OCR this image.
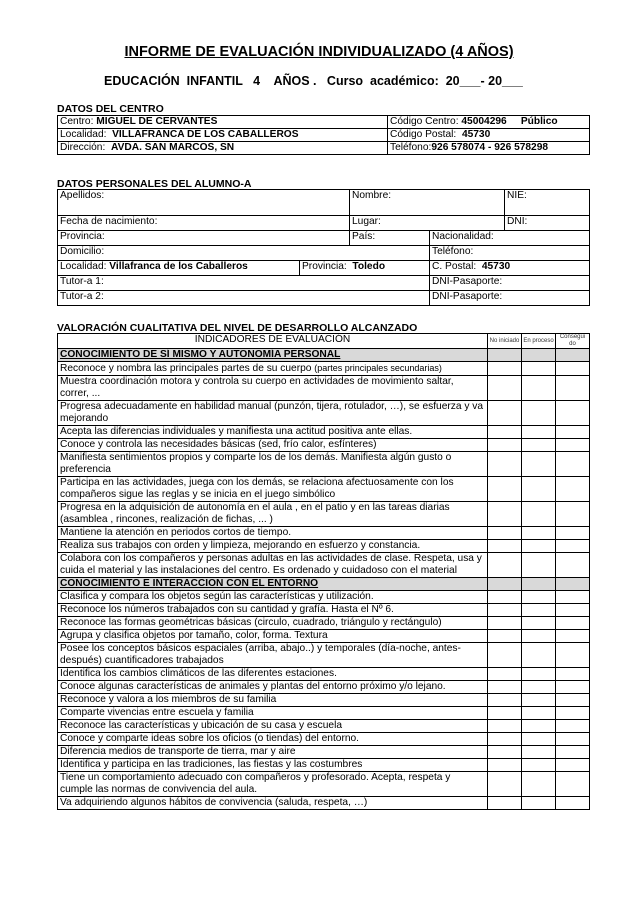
INFORME DE EVALUACIÓN INDIVIDUALIZADO (4 AÑOS)
EDUCACIÓN  INFANTIL   4    AÑOS .   Curso  académico:  20___- 20___
DATOS DEL CENTRO
Centro: MIGUEL DE CERVANTES	Código Centro: 45004296 Público
Localidad: VILLAFRANCA DE LOS CABALLEROS	Código Postal: 45730
Dirección: AVDA. SAN MARCOS, SN	Teléfono:926 578074 - 926 578298
DATOS PERSONALES DEL ALUMNO-A
Apellidos:		Nombre:		NIE:
Fecha de nacimiento:		Lugar:		DNI:
Provincia:		País:	Nacionalidad:	
Domicilio:			Teléfono:	
Localidad: Villafranca de los Caballeros	Provincia: Toledo		C. Postal: 45730	
Tutor-a 1:			DNI-Pasaporte:	
Tutor-a 2:			DNI-Pasaporte:	
VALORACIÓN CUALITATIVA DEL NIVEL DE DESARROLLO ALCANZADO
INDICADORES DE EVALUACIÓN	No iniciado	En proceso	Consegui do
CONOCIMIENTO DE SÍ MISMO Y AUTONOMÍA PERSONAL			
Reconoce y nombra las principales partes de su cuerpo (partes principales secundarias)			
Muestra coordinación motora y controla su cuerpo en actividades de movimiento saltar, correr, ...			
Progresa adecuadamente en habilidad manual (punzón, tijera, rotulador, …), se esfuerza y va mejorando			
Acepta las diferencias individuales y manifiesta una actitud positiva ante ellas.			
Conoce y controla las necesidades básicas (sed, frío calor, esfínteres)			
Manifiesta sentimientos propios y comparte los de los demás. Manifiesta algún gusto o preferencia			
Participa en las actividades, juega con los demás, se relaciona afectuosamente con los compañeros sigue las reglas y se inicia en el juego simbólico			
Progresa en la adquisición de autonomía en el aula , en el patio y en las tareas diarias (asamblea , rincones, realización de fichas, ... )			
Mantiene la atención en periodos cortos de tiempo.			
Realiza sus trabajos con orden y limpieza, mejorando en esfuerzo y constancia.			
Colabora con los compañeros y personas adultas en las actividades de clase. Respeta, usa y cuida el material y las instalaciones del centro. Es ordenado y cuidadoso con el material			
CONOCIMIENTO E INTERACCION CON EL ENTORNO			
Clasifica y compara los objetos según las características y utilización.			
Reconoce los números trabajados con su cantidad y grafía. Hasta el Nº 6.			
Reconoce las formas geométricas básicas (circulo, cuadrado, triángulo y rectángulo)			
Agrupa y clasifica objetos por tamaño, color, forma. Textura			
Posee los conceptos básicos espaciales (arriba, abajo..) y temporales (día-noche, antes-después) cuantificadores trabajados			
Identifica los cambios climáticos de las diferentes estaciones.			
Conoce algunas características de animales y plantas del entorno próximo y/o lejano.			
Reconoce y valora a los miembros de su familia			
Comparte vivencias entre escuela y familia			
Reconoce las características y ubicación de su casa y escuela			
Conoce y comparte ideas sobre los oficios (o tiendas) del entorno.			
Diferencia medios de transporte de tierra, mar y aire			
Identifica y participa en las tradiciones, las fiestas y las costumbres			
Tiene un comportamiento adecuado con compañeros y profesorado. Acepta, respeta y cumple las normas de convivencia del aula.			
Va adquiriendo algunos hábitos de convivencia (saluda, respeta, …)			
